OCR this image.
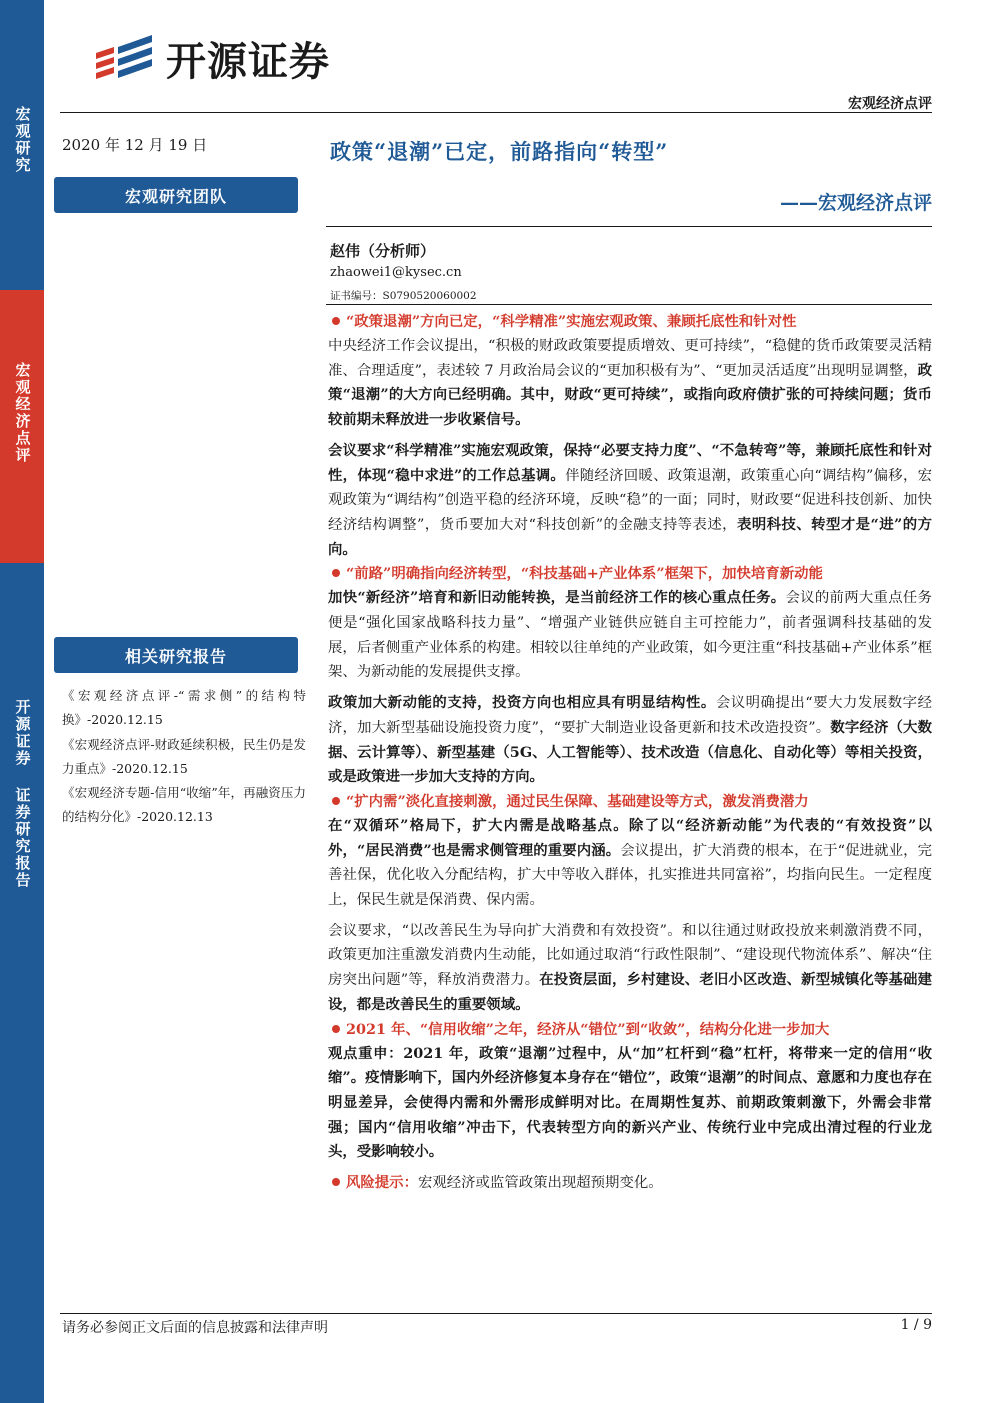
宏观研究
宏观经济点评
开源证券 证券研究报告
开源证券
宏观经济点评
2020 年 12 月 19 日
宏观研究团队
相关研究报告

《宏观经济点评-“需求侧”的结构特换》-2020.12.15

《宏观经济点评-财政延续积极，民生仍是发力重点》-2020.12.15

《宏观经济专题-信用“收缩”年，再融资压力的结构分化》-2020.12.13

政策“退潮”已定，前路指向“转型”
——宏观经济点评
赵伟（分析师）
zhaowei1@kysec.cn
证书编号：S0790520060002
“政策退潮”方向已定，“科学精准”实施宏观政策、兼顾托底性和针对性

中央经济工作会议提出，“积极的财政政策要提质增效、更可持续”，“稳健的货币政策要灵活精准、合理适度”，表述较 7 月政治局会议的“更加积极有为”、“更加灵活适度”出现明显调整，政策“退潮”的大方向已经明确。其中，财政“更可持续”，或指向政府债扩张的可持续问题；货币较前期未释放进一步收紧信号。

会议要求“科学精准”实施宏观政策，保持“必要支持力度”、“不急转弯”等，兼顾托底性和针对性，体现“稳中求进”的工作总基调。伴随经济回暖、政策退潮，政策重心向“调结构”偏移，宏观政策为“调结构”创造平稳的经济环境，反映“稳”的一面；同时，财政要“促进科技创新、加快经济结构调整”，货币要加大对“科技创新”的金融支持等表述，表明科技、转型才是“进”的方向。

“前路”明确指向经济转型，“科技基础+产业体系”框架下，加快培育新动能

加快“新经济”培育和新旧动能转换，是当前经济工作的核心重点任务。会议的前两大重点任务便是“强化国家战略科技力量”、“增强产业链供应链自主可控能力”，前者强调科技基础的发展，后者侧重产业体系的构建。相较以往单纯的产业政策，如今更注重“科技基础+产业体系”框架、为新动能的发展提供支撑。

政策加大新动能的支持，投资方向也相应具有明显结构性。会议明确提出“要大力发展数字经济，加大新型基础设施投资力度”，“要扩大制造业设备更新和技术改造投资”。数字经济（大数据、云计算等）、新型基建（5G、人工智能等）、技术改造（信息化、自动化等）等相关投资，或是政策进一步加大支持的方向。

“扩内需”淡化直接刺激，通过民生保障、基础建设等方式，激发消费潜力

在“双循环”格局下，扩大内需是战略基点。除了以“经济新动能”为代表的“有效投资”以外，“居民消费”也是需求侧管理的重要内涵。会议提出，扩大消费的根本，在于“促进就业，完善社保，优化收入分配结构，扩大中等收入群体，扎实推进共同富裕”，均指向民生。一定程度上，保民生就是保消费、保内需。

会议要求，“以改善民生为导向扩大消费和有效投资”。和以往通过财政投放来刺激消费不同，政策更加注重激发消费内生动能，比如通过取消“行政性限制”、“建设现代物流体系”、解决“住房突出问题”等，释放消费潜力。在投资层面，乡村建设、老旧小区改造、新型城镇化等基础建设，都是改善民生的重要领域。

2021 年、“信用收缩”之年，经济从“错位”到“收敛”，结构分化进一步加大

观点重申：2021 年，政策“退潮”过程中，从“加”杠杆到“稳”杠杆，将带来一定的信用“收缩”。疫情影响下，国内外经济修复本身存在“错位”，政策“退潮”的时间点、意愿和力度也存在明显差异，会使得内需和外需形成鲜明对比。在周期性复苏、前期政策刺激下，外需会非常强；国内“信用收缩”冲击下，代表转型方向的新兴产业、传统行业中完成出清过程的行业龙头，受影响较小。

风险提示：宏观经济或监管政策出现超预期变化。

请务必参阅正文后面的信息披露和法律声明	1 / 9
